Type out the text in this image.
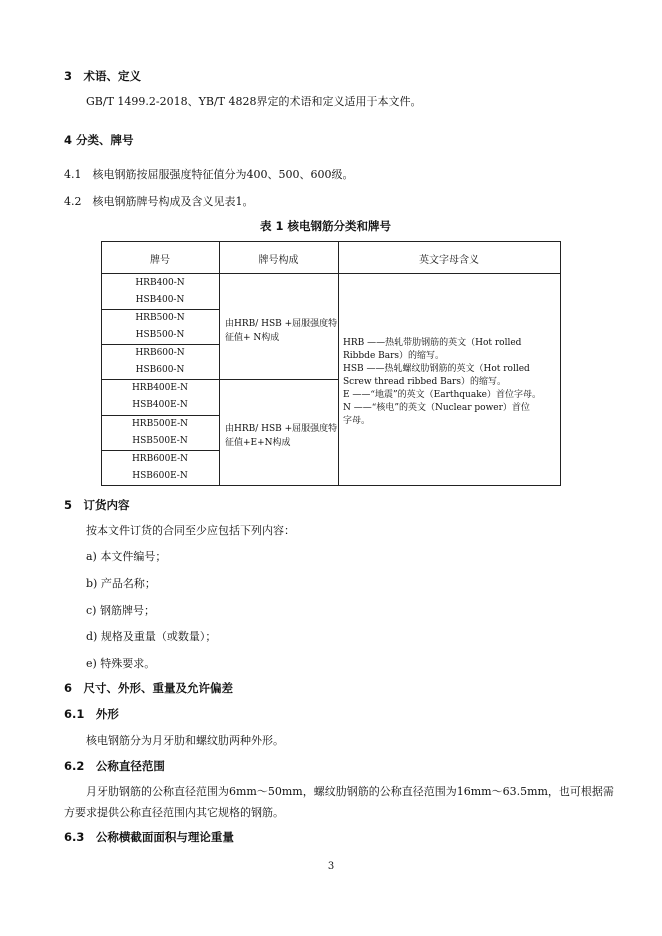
3　术语、定义
GB/T 1499.2-2018、YB/T 4828界定的术语和定义适用于本文件。
4 分类、牌号
4.1　核电钢筋按屈服强度特征值分为400、500、600级。
4.2　核电钢筋牌号构成及含义见表1。
表 1 核电钢筋分类和牌号
牌号	牌号构成	英文字母含义
HRB400-N
HSB400-N
HRB500-N
HSB500-N
HRB600-N
HSB600-N
HRB400E-N
HSB400E-N
HRB500E-N
HSB500E-N
HRB600E-N
HSB600E-N
由HRB/ HSB +屈服强度特
征值+ N构成
由HRB/ HSB +屈服强度特
征值+E+N构成
HRB ——热轧带肋钢筋的英文（Hot rolled
Ribbde Bars）的缩写。
HSB ——热轧螺纹肋钢筋的英文（Hot rolled
Screw thread ribbed Bars）的缩写。
E ——“地震”的英文（Earthquake）首位字母。
N ——“核电”的英文（Nuclear power）首位
字母。
5　订货内容
按本文件订货的合同至少应包括下列内容：
a) 本文件编号；
b) 产品名称；
c) 钢筋牌号；
d) 规格及重量（或数量）；
e) 特殊要求。
6　尺寸、外形、重量及允许偏差
6.1　外形
核电钢筋分为月牙肋和螺纹肋两种外形。
6.2　公称直径范围
月牙肋钢筋的公称直径范围为6mm～50mm，螺纹肋钢筋的公称直径范围为16mm～63.5mm，也可根据需
方要求提供公称直径范围内其它规格的钢筋。
6.3　公称横截面面积与理论重量
3
